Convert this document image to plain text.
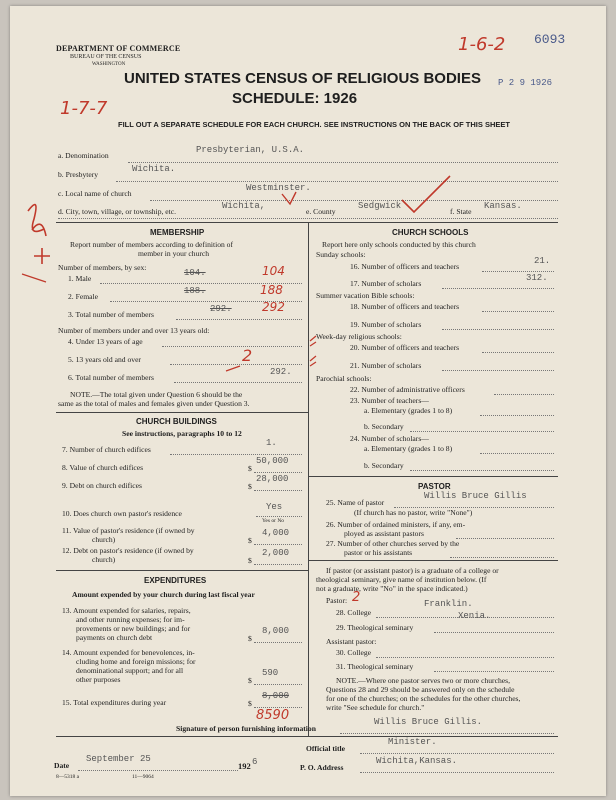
DEPARTMENT OF COMMERCE
BUREAU OF THE CENSUS
WASHINGTON
1-6-2 6093
P 2 9 1926
UNITED STATES CENSUS OF RELIGIOUS BODIES
SCHEDULE: 1926
1-7-7
FILL OUT A SEPARATE SCHEDULE FOR EACH CHURCH. SEE INSTRUCTIONS ON THE BACK OF THIS SHEET
a. Denomination
Presbyterian, U.S.A.
b. Presbytery
Wichita.
c. Local name of church
Westminster.
d. City, town, village, or township, etc.
Wichita,
e. County
Sedgwick
f. State
Kansas.
MEMBERSHIP
Report number of members according to definition of
member in your church
Number of members, by sex:
1. Male
104.	104
2. Female
188.	188
3. Total number of members
292.	292
Number of members under and over 13 years old:
4. Under 13 years of age
5. 13 years old and over	2
6. Total number of members
292.
NOTE.—The total given under Question 6 should be the
same as the total of males and females given under Question 3.
CHURCH BUILDINGS
See instructions, paragraphs 10 to 12
7. Number of church edifices
1.
8. Value of church edifices	$
50,000
9. Debt on church edifices	$
28,000
10. Does church own pastor's residence
Yes
Yes or No
11. Value of pastor's residence (if owned by
church)	$
4,000
12. Debt on pastor's residence (if owned by
church)	$
2,000
EXPENDITURES
Amount expended by your church during last fiscal year
13. Amount expended for salaries, repairs,
and other running expenses; for im-
provements or new buildings; and for
payments on church debt	$
8,000
14. Amount expended for benevolences, in-
cluding home and foreign missions; for
denominational support; and for all
other purposes	$
590
15. Total expenditures during year	$
8,000
8590
CHURCH SCHOOLS
Report here only schools conducted by this church
Sunday schools:
16. Number of officers and teachers
21.
17. Number of scholars
312.
Summer vacation Bible schools:
18. Number of officers and teachers
19. Number of scholars
Week-day religious schools:
20. Number of officers and teachers
21. Number of scholars
Parochial schools:
22. Number of administrative officers
23. Number of teachers—
a. Elementary (grades 1 to 8)
b. Secondary
24. Number of scholars—
a. Elementary (grades 1 to 8)
b. Secondary
PASTOR
25. Name of pastor
Willis Bruce Gillis
(If church has no pastor, write "None")
26. Number of ordained ministers, if any, em-
ployed as assistant pastors
27. Number of other churches served by the
pastor or his assistants
If pastor (or assistant pastor) is a graduate of a college or
theological seminary, give name of institution below. (If
not a graduate, write "No" in the space indicated.)
Pastor: 2
28. College
Franklin.
29. Theological seminary
Xenia.
Assistant pastor:
30. College
31. Theological seminary
NOTE.—Where one pastor serves two or more churches,
Questions 28 and 29 should be answered only on the schedule
for one of the churches; on the schedules for the other churches,
write "See schedule for church."
Signature of person furnishing information
Willis Bruce Gillis.
Official title
Minister.
Date
September 25
192 6
P. O. Address
Wichita,Kansas.
8—5318 a	11—9064
